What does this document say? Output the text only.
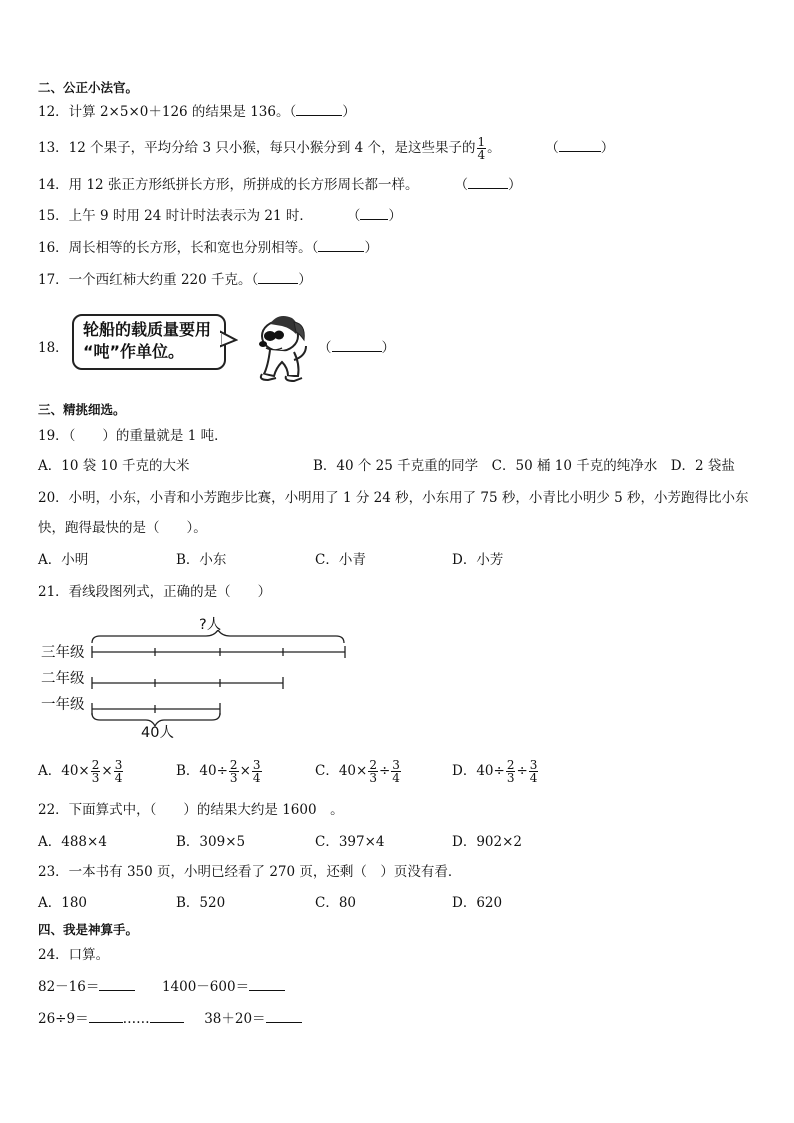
二、公正小法官。
12．计算 2×5×0＋126 的结果是 136。（	）
13．12 个果子，平均分给 3 只小猴，每只小猴分到 4 个，是这些果子的 $\frac{1}{4}$ 。	（	）
14．用 12 张正方形纸拼长方形，所拼成的长方形周长都一样。	（	）
15．上午 9 时用 24 时计时法表示为 21 时．	（ ）
16．周长相等的长方形，长和宽也分别相等。（	）
17．一个西红柿大约重 220 千克。（	）
18．
轮船的载质量要用
“吨”作单位。	（	）
三、精挑细选。
19．（　　）的重量就是 1 吨．
A．10 袋 10 千克的大米	B．40 个 25 千克重的同学　C．50 桶 10 千克的纯净水　D．2 袋盐
20．小明，小东，小青和小芳跑步比赛，小明用了 1 分 24 秒，小东用了 75 秒，小青比小明少 5 秒，小芳跑得比小东
快，跑得最快的是（　　）。
A．小明	B．小东	C．小青	D．小芳
21．看线段图列式，正确的是（　　）
?人
三年级
二年级
一年级
40人
A．$40\times \frac{2}{3} \times \frac{3}{4}$	B．$40\div \frac{2}{3} \times \frac{3}{4}$	C．$40\times \frac{2}{3} \div \frac{3}{4}$	D．$40\div \frac{2}{3} \div \frac{3}{4}$
22．下面算式中，（　　）的结果大约是 1600　。
A．488×4	B．309×5	C．397×4	D．902×2
23．一本书有 350 页，小明已经看了 270 页，还剩（　）页没有看．
A．180	B．520	C．80	D．620
四、我是神算手。
24．口算。
82－16＝	1400－600＝
26÷9＝	……	38＋20＝
